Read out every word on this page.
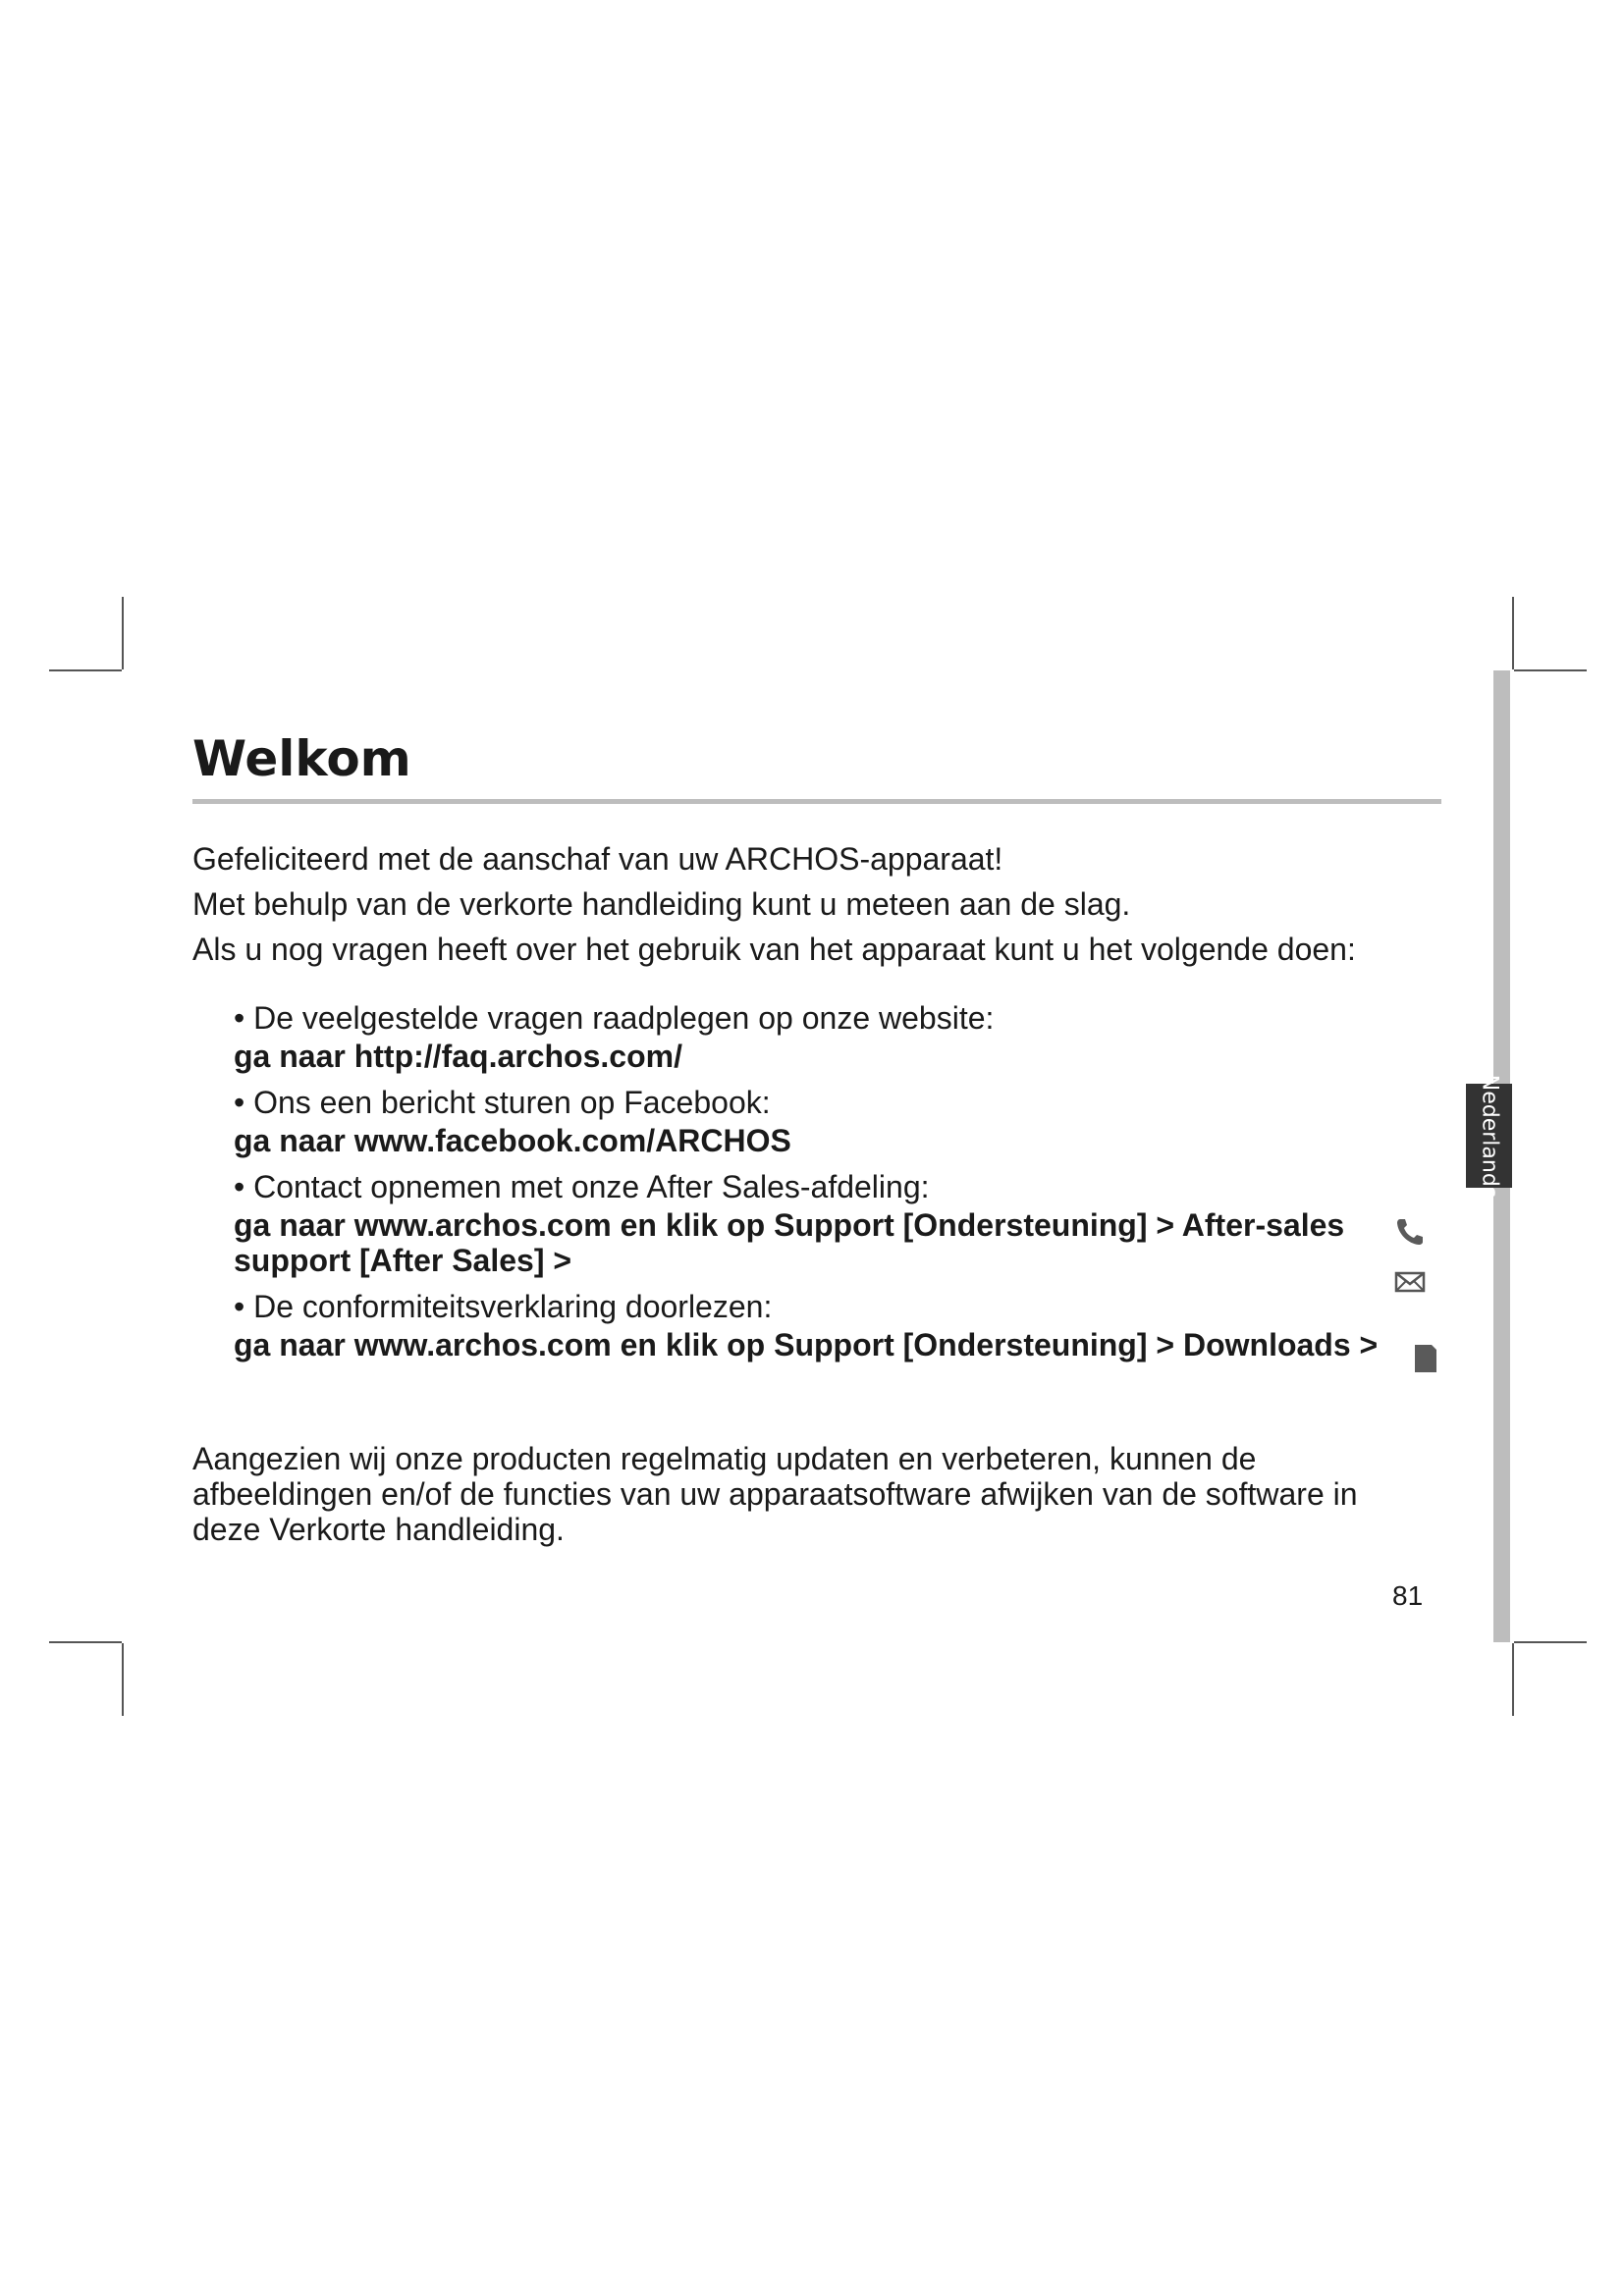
Nederlands
Welkom

Gefeliciteerd met de aanschaf van uw ARCHOS-apparaat!

Met behulp van de verkorte handleiding kunt u meteen aan de slag.

Als u nog vragen heeft over het gebruik van het apparaat kunt u het volgende doen:

• De veelgestelde vragen raadplegen op onze website:
ga naar http://faq.archos.com/
• Ons een bericht sturen op Facebook:
ga naar www.facebook.com/ARCHOS
• Contact opnemen met onze After Sales-afdeling:
ga naar www.archos.com en klik op Support [Ondersteuning] > After-sales support [After Sales] >
• De conformiteitsverklaring doorlezen:
ga naar www.archos.com en klik op Support [Ondersteuning] > Downloads >

Aangezien wij onze producten regelmatig updaten en verbeteren, kunnen de afbeeldingen en/of de functies van uw apparaatsoftware afwijken van de software in deze Verkorte handleiding.

81
